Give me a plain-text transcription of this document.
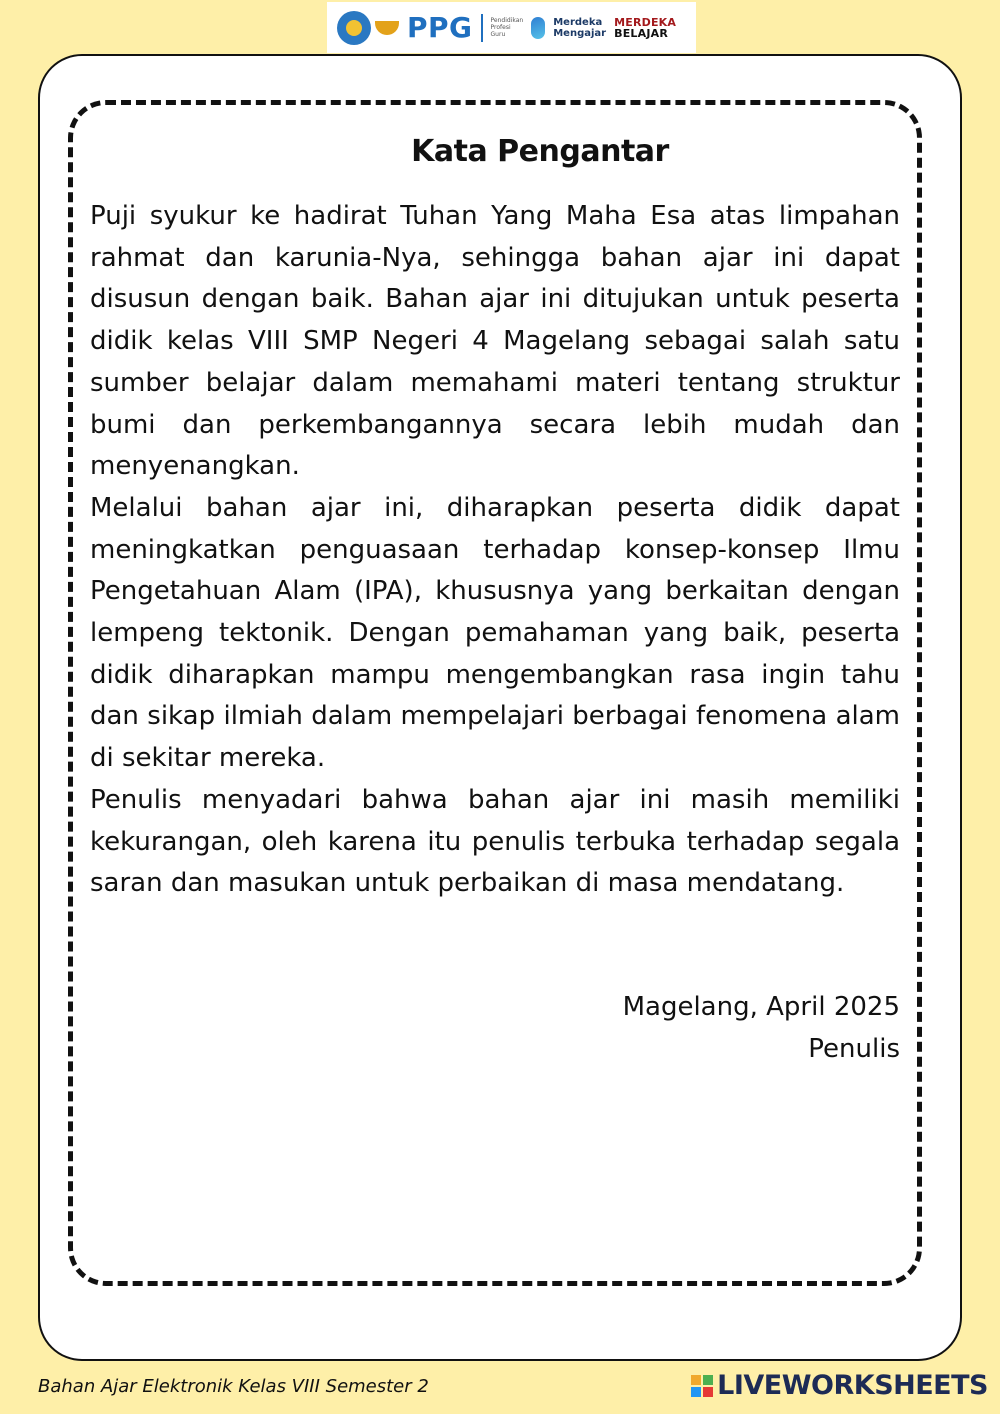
PPG	Pendidikan
Profesi
Guru
Merdeka
Mengajar
MERDEKA
BELAJAR
Kata Pengantar

Puji syukur ke hadirat Tuhan Yang Maha Esa atas limpahan rahmat dan karunia-Nya, sehingga bahan ajar ini dapat disusun dengan baik. Bahan ajar ini ditujukan untuk peserta didik kelas VIII SMP Negeri 4 Magelang sebagai salah satu sumber belajar dalam memahami materi tentang struktur bumi dan perkembangannya secara lebih mudah dan menyenangkan.

Melalui bahan ajar ini, diharapkan peserta didik dapat meningkatkan penguasaan terhadap konsep-konsep Ilmu Pengetahuan Alam (IPA), khususnya yang berkaitan dengan lempeng tektonik. Dengan pemahaman yang baik, peserta didik diharapkan mampu mengembangkan rasa ingin tahu dan sikap ilmiah dalam mempelajari berbagai fenomena alam di sekitar mereka.

Penulis menyadari bahwa bahan ajar ini masih memiliki kekurangan, oleh karena itu penulis terbuka terhadap segala saran dan masukan untuk perbaikan di masa mendatang.

Magelang, April 2025
Penulis
Bahan Ajar Elektronik Kelas VIII Semester 2	LIVEWORKSHEETS
